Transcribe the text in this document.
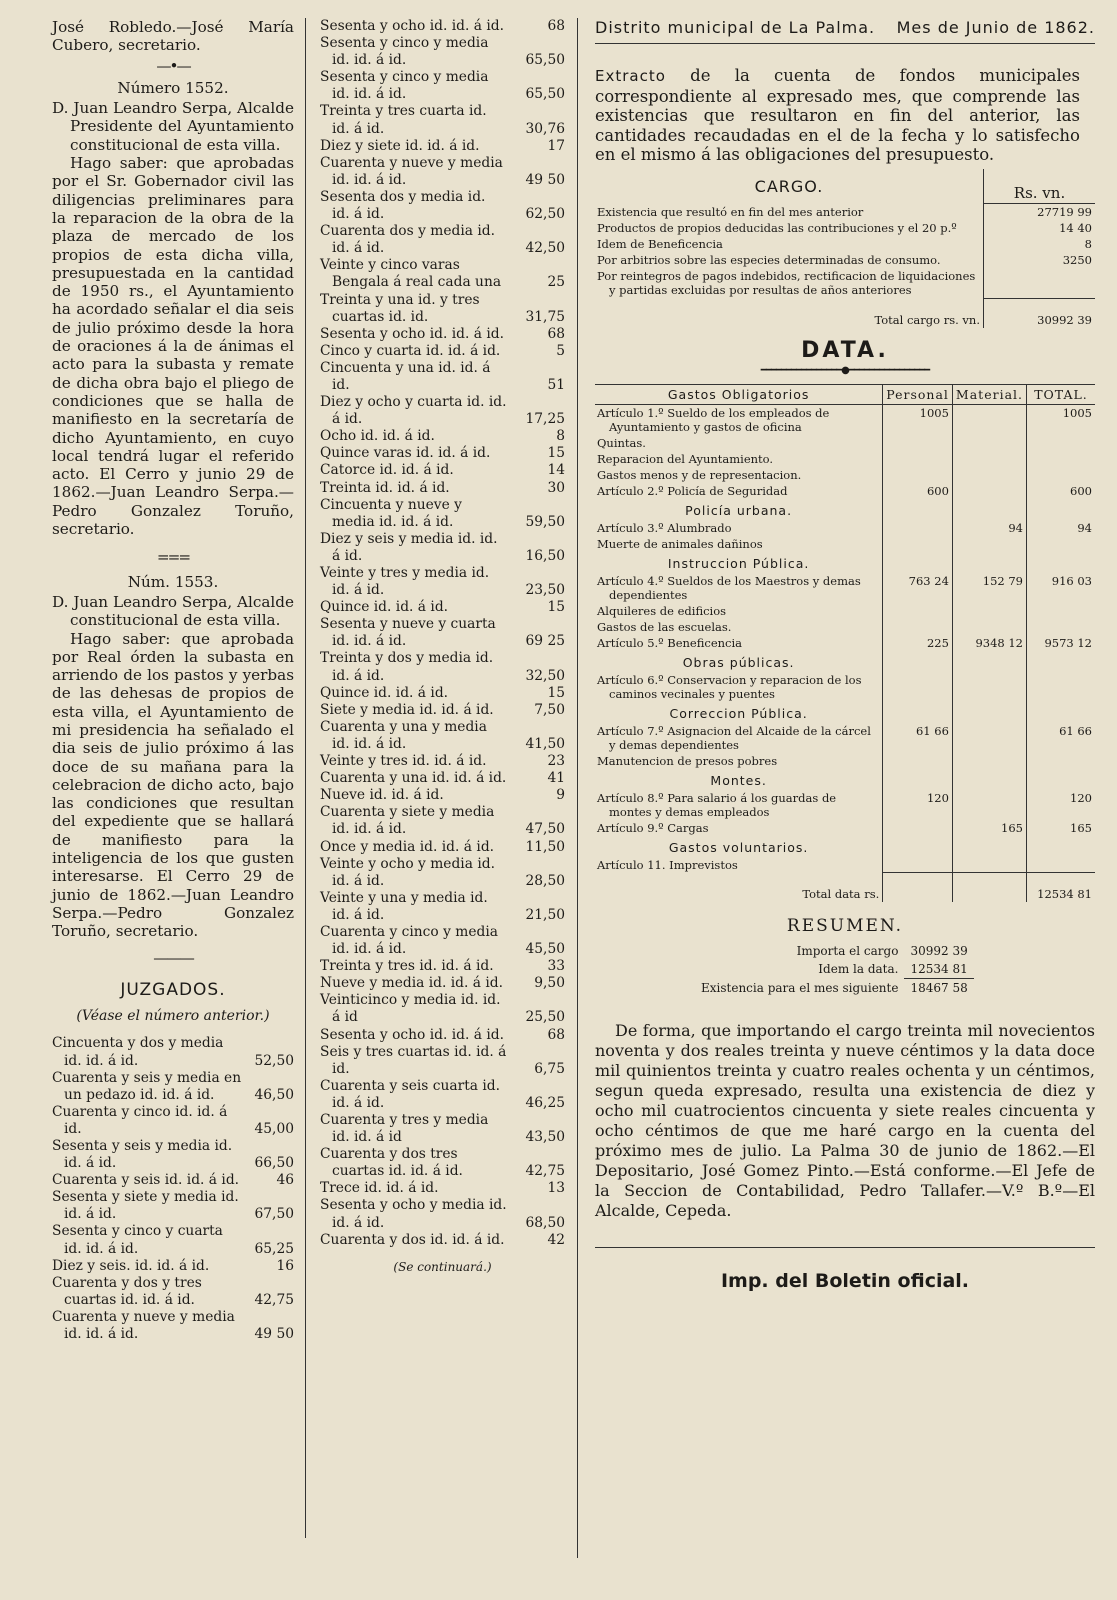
José Robledo.—José María Cubero, secretario.

—•—

Número 1552.

D. Juan Leandro Serpa, Alcalde Presidente del Ayuntamiento constitucional de esta villa.

Hago saber: que aprobadas por el Sr. Gobernador civil las diligencias preliminares para la reparacion de la obra de la plaza de mercado de los propios de esta dicha villa, presupuestada en la cantidad de 1950 rs., el Ayuntamiento ha acordado señalar el dia seis de julio próximo desde la hora de oraciones á la de ánimas el acto para la subasta y remate de dicha obra bajo el pliego de condiciones que se halla de manifiesto en la secretaría de dicho Ayuntamiento, en cuyo local tendrá lugar el referido acto. El Cerro y junio 29 de 1862.—Juan Leandro Serpa.—Pedro Gonzalez Toruño, secretario.

===

Núm. 1553.

D. Juan Leandro Serpa, Alcalde constitucional de esta villa.

Hago saber: que aprobada por Real órden la subasta en arriendo de los pastos y yerbas de las dehesas de propios de esta villa, el Ayuntamiento de mi presidencia ha señalado el dia seis de julio próximo á las doce de su mañana para la celebracion de dicho acto, bajo las condiciones que resultan del expediente que se hallará de manifiesto para la inteligencia de los que gusten interesarse. El Cerro 29 de junio de 1862.—Juan Leandro Serpa.—Pedro Gonzalez Toruño, secretario.

———

JUZGADOS.

(Véase el número anterior.)

Cincuenta y dos y media id. id. á id.	52,50
Cuarenta y seis y media en un pedazo id. id. á id.	46,50
Cuarenta y cinco id. id. á id.	45,00
Sesenta y seis y media id. id. á id.	66,50
Cuarenta y seis id. id. á id.	46
Sesenta y siete y media id. id. á id.	67,50
Sesenta y cinco y cuarta id. id. á id.	65,25
Diez y seis. id. id. á id.	16
Cuarenta y dos y tres cuartas id. id. á id.	42,75
Cuarenta y nueve y media id. id. á id.	49 50
Sesenta y ocho id. id. á id.	68
Sesenta y cinco y media id. id. á id.	65,50
Sesenta y cinco y media id. id. á id.	65,50
Treinta y tres cuarta id. id. á id.	30,76
Diez y siete id. id. á id.	17
Cuarenta y nueve y media id. id. á id.	49 50
Sesenta dos y media id. id. á id.	62,50
Cuarenta dos y media id. id. á id.	42,50
Veinte y cinco varas Bengala á real cada una	25
Treinta y una id. y tres cuartas id. id.	31,75
Sesenta y ocho id. id. á id.	68
Cinco y cuarta id. id. á id.	5
Cincuenta y una id. id. á id.	51
Diez y ocho y cuarta id. id. á id.	17,25
Ocho id. id. á id.	8
Quince varas id. id. á id.	15
Catorce id. id. á id.	14
Treinta id. id. á id.	30
Cincuenta y nueve y media id. id. á id.	59,50
Diez y seis y media id. id. á id.	16,50
Veinte y tres y media id. id. á id.	23,50
Quince id. id. á id.	15
Sesenta y nueve y cuarta id. id. á id.	69 25
Treinta y dos y media id. id. á id.	32,50
Quince id. id. á id.	15
Siete y media id. id. á id.	7,50
Cuarenta y una y media id. id. á id.	41,50
Veinte y tres id. id. á id.	23
Cuarenta y una id. id. á id.	41
Nueve id. id. á id.	9
Cuarenta y siete y media id. id. á id.	47,50
Once y media id. id. á id.	11,50
Veinte y ocho y media id. id. á id.	28,50
Veinte y una y media id. id. á id.	21,50
Cuarenta y cinco y media id. id. á id.	45,50
Treinta y tres id. id. á id.	33
Nueve y media id. id. á id.	9,50
Veinticinco y media id. id. á id	25,50
Sesenta y ocho id. id. á id.	68
Seis y tres cuartas id. id. á id.	6,75
Cuarenta y seis cuarta id. id. á id.	46,25
Cuarenta y tres y media id. id. á id	43,50
Cuarenta y dos tres cuartas id. id. á id.	42,75
Trece id. id. á id.	13
Sesenta y ocho y media id. id. á id.	68,50
Cuarenta y dos id. id. á id.	42

(Se continuará.)

Distrito municipal de La Palma. Mes de Junio de 1862.

Extracto de la cuenta de fondos municipales correspondiente al expresado mes, que comprende las existencias que resultaron en fin del anterior, las cantidades recaudadas en el de la fecha y lo satisfecho en el mismo á las obligaciones del presupuesto.

CARGO.	Rs. vn.
Existencia que resultó en fin del mes anterior	27719 99
Productos de propios deducidas las contribuciones y el 20 p.º	14 40
Idem de Beneficencia	8
Por arbitrios sobre las especies determinadas de consumo.	3250
Por reintegros de pagos indebidos, rectificacion de liquidaciones y partidas excluidas por resultas de años anteriores	
Total cargo rs. vn.	30992 39

DATA.

━━━━━━━━━━━━━━━━●━━━━━━━━━━━━━━━━
Gastos Obligatorios	Personal	Material.	TOTAL.
Artículo 1.º Sueldo de los empleados de Ayuntamiento y gastos de oficina	1005		1005
Quintas.			
Reparacion del Ayuntamiento.			
Gastos menos y de representacion.			
Artículo 2.º Policía de Seguridad	600		600
Policía urbana.			
Artículo 3.º Alumbrado		94	94
Muerte de animales dañinos			
Instruccion Pública.			
Artículo 4.º Sueldos de los Maestros y demas dependientes	763 24	152 79	916 03
Alquileres de edificios			
Gastos de las escuelas.			
Artículo 5.º Beneficencia	225	9348 12	9573 12
Obras públicas.			
Artículo 6.º Conservacion y reparacion de los caminos vecinales y puentes			
Correccion Pública.			
Artículo 7.º Asignacion del Alcaide de la cárcel y demas dependientes	61 66		61 66
Manutencion de presos pobres			
Montes.			
Artículo 8.º Para salario á los guardas de montes y demas empleados	120		120
Artículo 9.º Cargas		165	165
Gastos voluntarios.			
Artículo 11. Imprevistos			
Total data rs.			12534 81

RESUMEN.

Importa el cargo	30992 39
Idem la data.	12534 81
Existencia para el mes siguiente	18467 58

De forma, que importando el cargo treinta mil novecientos noventa y dos reales treinta y nueve céntimos y la data doce mil quinientos treinta y cuatro reales ochenta y un céntimos, segun queda expresado, resulta una existencia de diez y ocho mil cuatrocientos cincuenta y siete reales cincuenta y ocho céntimos de que me haré cargo en la cuenta del próximo mes de julio. La Palma 30 de junio de 1862.—El Depositario, José Gomez Pinto.—Está conforme.—El Jefe de la Seccion de Contabilidad, Pedro Tallafer.—V.º B.º—El Alcalde, Cepeda.

Imp. del Boletin oficial.
